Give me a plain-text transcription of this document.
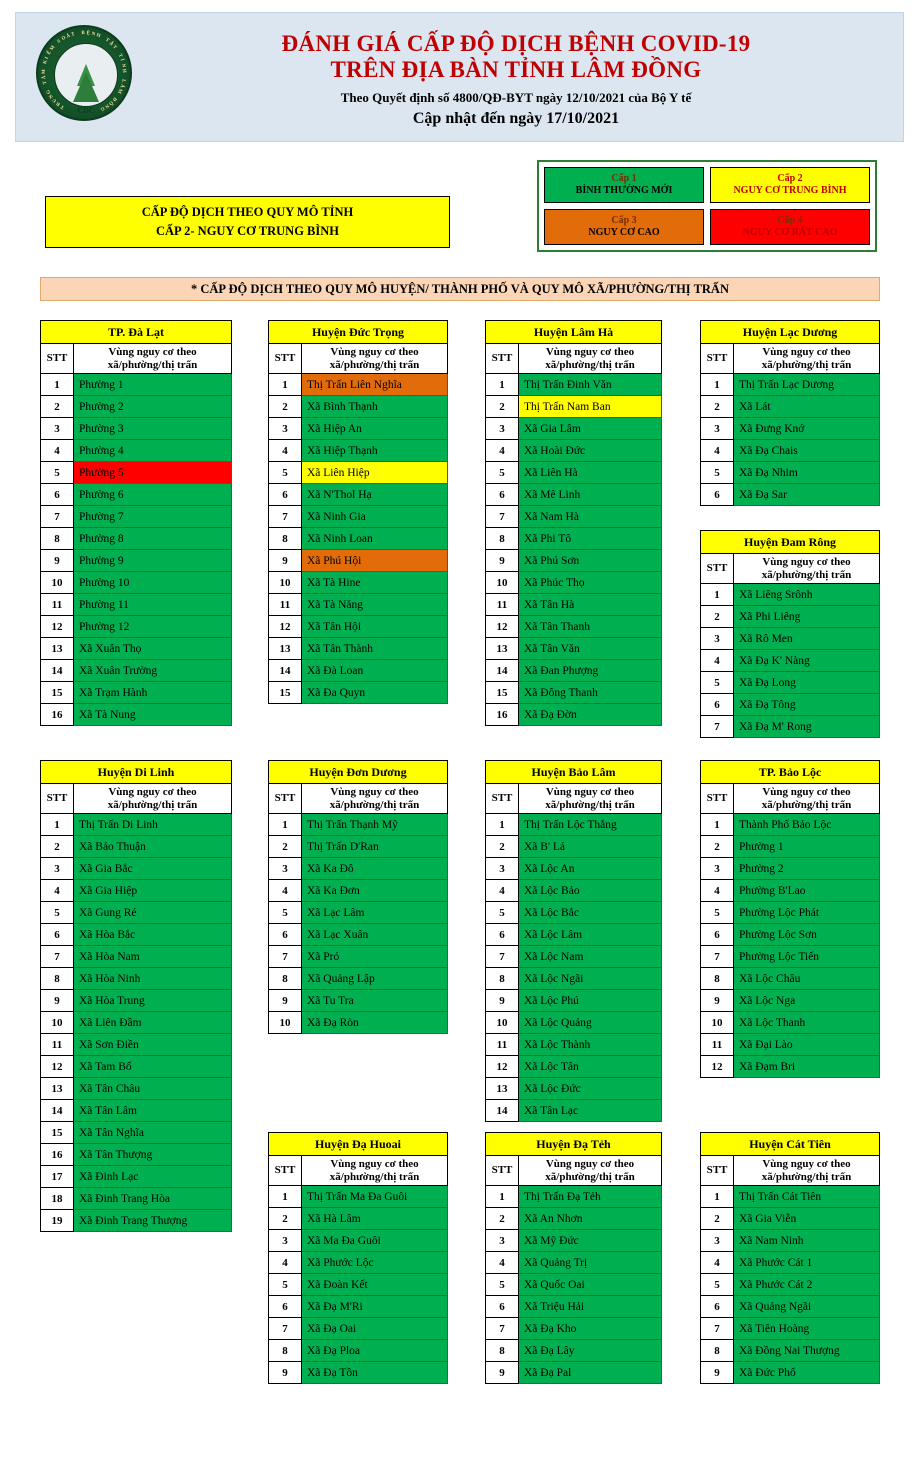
T
R
U
N
G
T
Â
M
K
I
Ể
M
S
O
Á T B Ệ N H
T
Ậ
T
T
Ỉ
N
H
L
Â
M
Đ
Ồ
N
G
CDC
ĐÁNH GIÁ CẤP ĐỘ DỊCH BỆNH COVID-19
TRÊN ĐỊA BÀN TỈNH LÂM ĐỒNG
Theo Quyết định số 4800/QĐ-BYT ngày 12/10/2021 của Bộ Y tế
Cập nhật đến ngày 17/10/2021
Cấp 1
BÌNH THƯỜNG MỚI
Cấp 2
NGUY CƠ TRUNG BÌNH
Cấp 3
NGUY CƠ CAO
Cấp 4
NGUY CƠ RẤT CAO
CẤP ĐỘ DỊCH THEO QUY MÔ TỈNH
CẤP 2- NGUY CƠ TRUNG BÌNH
* CẤP ĐỘ DỊCH THEO QUY MÔ HUYỆN/ THÀNH PHỐ VÀ QUY MÔ XÃ/PHƯỜNG/THỊ TRẤN
TP. Đà Lạt	
STT	Vùng nguy cơ theo
xã/phường/thị trấn

1	Phường 1
2	Phường 2
3	Phường 3
4	Phường 4
5	Phường 5
6	Phường 6
7	Phường 7
8	Phường 8
9	Phường 9
10	Phường 10
11	Phường 11
12	Phường 12
13	Xã Xuân Thọ
14	Xã Xuân Trường
15	Xã Trạm Hành
16	Xã Tà Nung
Huyện Đức Trọng	
STT	Vùng nguy cơ theo
xã/phường/thị trấn

1	Thị Trấn Liên Nghĩa
2	Xã Bình Thạnh
3	Xã Hiệp An
4	Xã Hiệp Thạnh
5	Xã Liên Hiệp
6	Xã N'Thol Hạ
7	Xã Ninh Gia
8	Xã Ninh Loan
9	Xã Phú Hội
10	Xã Tà Hine
11	Xã Tà Năng
12	Xã Tân Hội
13	Xã Tân Thành
14	Xã Đà Loan
15	Xã Đa Quyn
Huyện Lâm Hà	
STT	Vùng nguy cơ theo
xã/phường/thị trấn

1	Thị Trấn Đinh Văn
2	Thị Trấn Nam Ban
3	Xã Gia Lâm
4	Xã Hoài Đức
5	Xã Liên Hà
6	Xã Mê Linh
7	Xã Nam Hà
8	Xã Phi Tô
9	Xã Phú Sơn
10	Xã Phúc Thọ
11	Xã Tân Hà
12	Xã Tân Thanh
13	Xã Tân Văn
14	Xã Đan Phượng
15	Xã Đông Thanh
16	Xã Đạ Đờn
Huyện Lạc Dương	
STT	Vùng nguy cơ theo
xã/phường/thị trấn

1	Thị Trấn Lạc Dương
2	Xã Lát
3	Xã Đưng Knớ
4	Xã Đạ Chais
5	Xã Đạ Nhim
6	Xã Đạ Sar
Huyện Đam Rông	
STT	Vùng nguy cơ theo
xã/phường/thị trấn

1	Xã Liêng Srônh
2	Xã Phi Liêng
3	Xã Rô Men
4	Xã Đạ K' Nàng
5	Xã Đạ Long
6	Xã Đạ Tông
7	Xã Đạ M' Rong
Huyện Di Linh	
STT	Vùng nguy cơ theo
xã/phường/thị trấn

1	Thị Trấn Di Linh
2	Xã Bảo Thuận
3	Xã Gia Bắc
4	Xã Gia Hiệp
5	Xã Gung Ré
6	Xã Hòa Bắc
7	Xã Hòa Nam
8	Xã Hòa Ninh
9	Xã Hòa Trung
10	Xã Liên Đầm
11	Xã Sơn Điền
12	Xã Tam Bố
13	Xã Tân Châu
14	Xã Tân Lâm
15	Xã Tân Nghĩa
16	Xã Tân Thượng
17	Xã Đinh Lạc
18	Xã Đinh Trang Hòa
19	Xã Đinh Trang Thượng
Huyện Đơn Dương	
STT	Vùng nguy cơ theo
xã/phường/thị trấn

1	Thị Trấn Thạnh Mỹ
2	Thị Trấn D'Ran
3	Xã Ka Đô
4	Xã Ka Đơn
5	Xã Lạc Lâm
6	Xã Lạc Xuân
7	Xã Pró
8	Xã Quảng Lập
9	Xã Tu Tra
10	Xã Đạ Ròn
Huyện Bảo Lâm	
STT	Vùng nguy cơ theo
xã/phường/thị trấn

1	Thị Trấn Lộc Thắng
2	Xã B' Lá
3	Xã Lộc An
4	Xã Lộc Bảo
5	Xã Lộc Bắc
6	Xã Lộc Lâm
7	Xã Lộc Nam
8	Xã Lộc Ngãi
9	Xã Lộc Phú
10	Xã Lộc Quảng
11	Xã Lộc Thành
12	Xã Lộc Tân
13	Xã Lộc Đức
14	Xã Tân Lạc
TP. Bảo Lộc	
STT	Vùng nguy cơ theo
xã/phường/thị trấn

1	Thành Phố Bảo Lộc
2	Phường 1
3	Phường 2
4	Phường B'Lao
5	Phường Lộc Phát
6	Phường Lộc Sơn
7	Phường Lộc Tiến
8	Xã Lộc Châu
9	Xã Lộc Nga
10	Xã Lộc Thanh
11	Xã Đại Lào
12	Xã Đạm Bri
Huyện Đạ Huoai	
STT	Vùng nguy cơ theo
xã/phường/thị trấn

1	Thị Trấn Ma Đa Guôi
2	Xã Hà Lâm
3	Xã Ma Đa Guôi
4	Xã Phước Lộc
5	Xã Đoàn Kết
6	Xã Đạ M'Ri
7	Xã Đạ Oai
8	Xã Đạ Ploa
9	Xã Đạ Tồn
Huyện Đạ Tẻh	
STT	Vùng nguy cơ theo
xã/phường/thị trấn

1	Thị Trấn Đạ Tẻh
2	Xã An Nhơn
3	Xã Mỹ Đức
4	Xã Quảng Trị
5	Xã Quốc Oai
6	Xã Triệu Hải
7	Xã Đạ Kho
8	Xã Đạ Lây
9	Xã Đạ Pal
Huyện Cát Tiên	
STT	Vùng nguy cơ theo
xã/phường/thị trấn

1	Thị Trấn Cát Tiên
2	Xã Gia Viễn
3	Xã Nam Ninh
4	Xã Phước Cát 1
5	Xã Phước Cát 2
6	Xã Quảng Ngãi
7	Xã Tiên Hoàng
8	Xã Đồng Nai Thượng
9	Xã Đức Phổ
